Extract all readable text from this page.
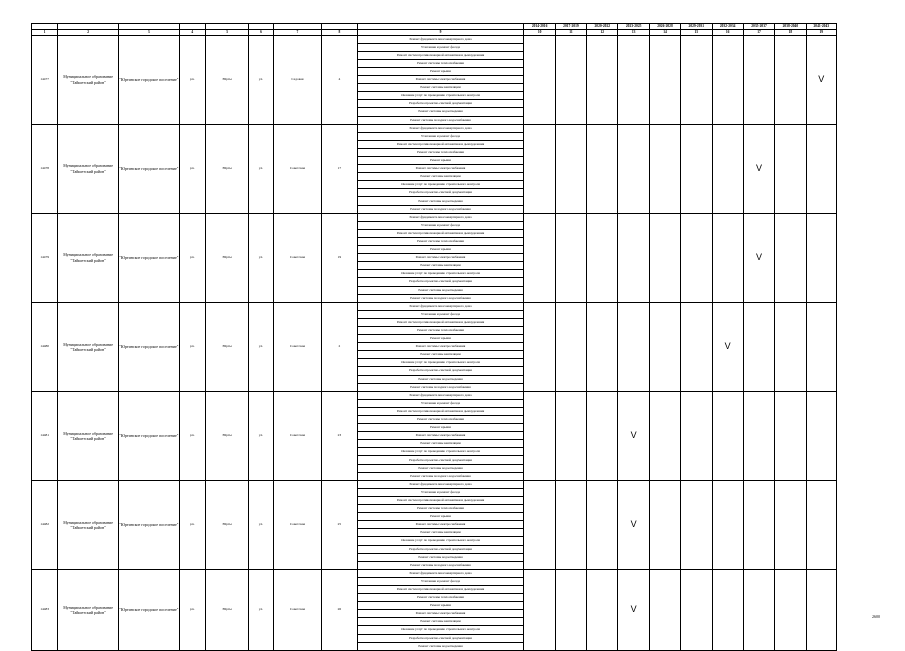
									2014-2016	2017-2019	2020-2022	2023-2025	2026-2028	2029-2031	2032-2034	2035-2037	2038-2040	2041-2043
1	2	3	4	5	6	7	8	9	10	11	12	13	14	15	16	17	18	19
14477	Муниципальное образование "Тайшетский район"	"Юртинское городское поселение"	рп.	Юрты	ул.	Садовая	4	Ремонт фундамента многоквартирного дома										V
								Утепление и ремонт фасада										
								Ремонт систем противопожарной автоматики и дымоудаления										
								Ремонт системы теплоснабжения										
								Ремонт крыши										
								Ремонт системы электроснабжения										
								Ремонт системы вентиляции										
								Оказание услуг по проведению строительного контроля										
								Разработка проектно-сметной документации										
								Ремонт системы водоотведения										
								Ремонт системы холодного водоснабжения										
14478	Муниципальное образование "Тайшетский район"	"Юртинское городское поселение"	рп.	Юрты	ул.	Советская	17	Ремонт фундамента многоквартирного дома								V		
								Утепление и ремонт фасада										
								Ремонт систем противопожарной автоматики и дымоудаления										
								Ремонт системы теплоснабжения										
								Ремонт крыши										
								Ремонт системы электроснабжения										
								Ремонт системы вентиляции										
								Оказание услуг по проведению строительного контроля										
								Разработка проектно-сметной документации										
								Ремонт системы водоотведения										
								Ремонт системы холодного водоснабжения										
14479	Муниципальное образование "Тайшетский район"	"Юртинское городское поселение"	рп.	Юрты	ул.	Советская	19	Ремонт фундамента многоквартирного дома								V		
								Утепление и ремонт фасада										
								Ремонт систем противопожарной автоматики и дымоудаления										
								Ремонт системы теплоснабжения										
								Ремонт крыши										
								Ремонт системы электроснабжения										
								Ремонт системы вентиляции										
								Оказание услуг по проведению строительного контроля										
								Разработка проектно-сметной документации										
								Ремонт системы водоотведения										
								Ремонт системы холодного водоснабжения										
14480	Муниципальное образование "Тайшетский район"	"Юртинское городское поселение"	рп.	Юрты	ул.	Советская	2	Ремонт фундамента многоквартирного дома							V			
								Утепление и ремонт фасада										
								Ремонт систем противопожарной автоматики и дымоудаления										
								Ремонт системы теплоснабжения										
								Ремонт крыши										
								Ремонт системы электроснабжения										
								Ремонт системы вентиляции										
								Оказание услуг по проведению строительного контроля										
								Разработка проектно-сметной документации										
								Ремонт системы водоотведения										
								Ремонт системы холодного водоснабжения										
14481	Муниципальное образование "Тайшетский район"	"Юртинское городское поселение"	рп.	Юрты	ул.	Советская	23	Ремонт фундамента многоквартирного дома				V						
								Утепление и ремонт фасада										
								Ремонт систем противопожарной автоматики и дымоудаления										
								Ремонт системы теплоснабжения										
								Ремонт крыши										
								Ремонт системы электроснабжения										
								Ремонт системы вентиляции										
								Оказание услуг по проведению строительного контроля										
								Разработка проектно-сметной документации										
								Ремонт системы водоотведения										
								Ремонт системы холодного водоснабжения										
14482	Муниципальное образование "Тайшетский район"	"Юртинское городское поселение"	рп.	Юрты	ул.	Советская	25	Ремонт фундамента многоквартирного дома				V						
								Утепление и ремонт фасада										
								Ремонт систем противопожарной автоматики и дымоудаления										
								Ремонт системы теплоснабжения										
								Ремонт крыши										
								Ремонт системы электроснабжения										
								Ремонт системы вентиляции										
								Оказание услуг по проведению строительного контроля										
								Разработка проектно-сметной документации										
								Ремонт системы водоотведения										
								Ремонт системы холодного водоснабжения										
14483	Муниципальное образование "Тайшетский район"	"Юртинское городское поселение"	рп.	Юрты	ул.	Советская	26	Ремонт фундамента многоквартирного дома				V						
								Утепление и ремонт фасада										
								Ремонт систем противопожарной автоматики и дымоудаления										
								Ремонт системы теплоснабжения										
								Ремонт крыши										
								Ремонт системы электроснабжения										
								Ремонт системы вентиляции										
								Оказание услуг по проведению строительного контроля										
								Разработка проектно-сметной документации										
								Ремонт системы водоотведения										
2600
